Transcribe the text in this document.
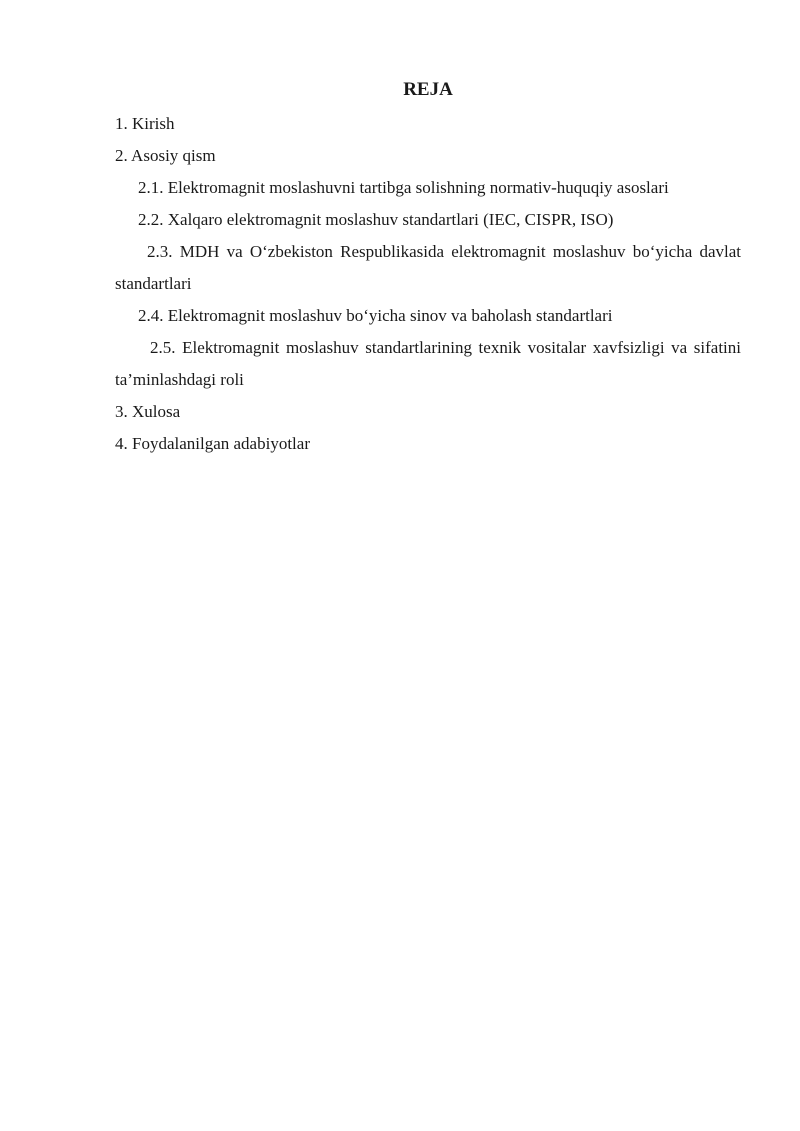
REJA

1. Kirish

2. Asosiy qism

2.1. Elektromagnit moslashuvni tartibga solishning normativ-huquqiy asoslari

2.2. Xalqaro elektromagnit moslashuv standartlari (IEC, CISPR, ISO)

2.3. MDH va O‘zbekiston Respublikasida elektromagnit moslashuv bo‘yicha davlat standartlari

2.4. Elektromagnit moslashuv bo‘yicha sinov va baholash standartlari

2.5. Elektromagnit moslashuv standartlarining texnik vositalar xavfsizligi va sifatini ta’minlashdagi roli

3. Xulosa

4. Foydalanilgan adabiyotlar
